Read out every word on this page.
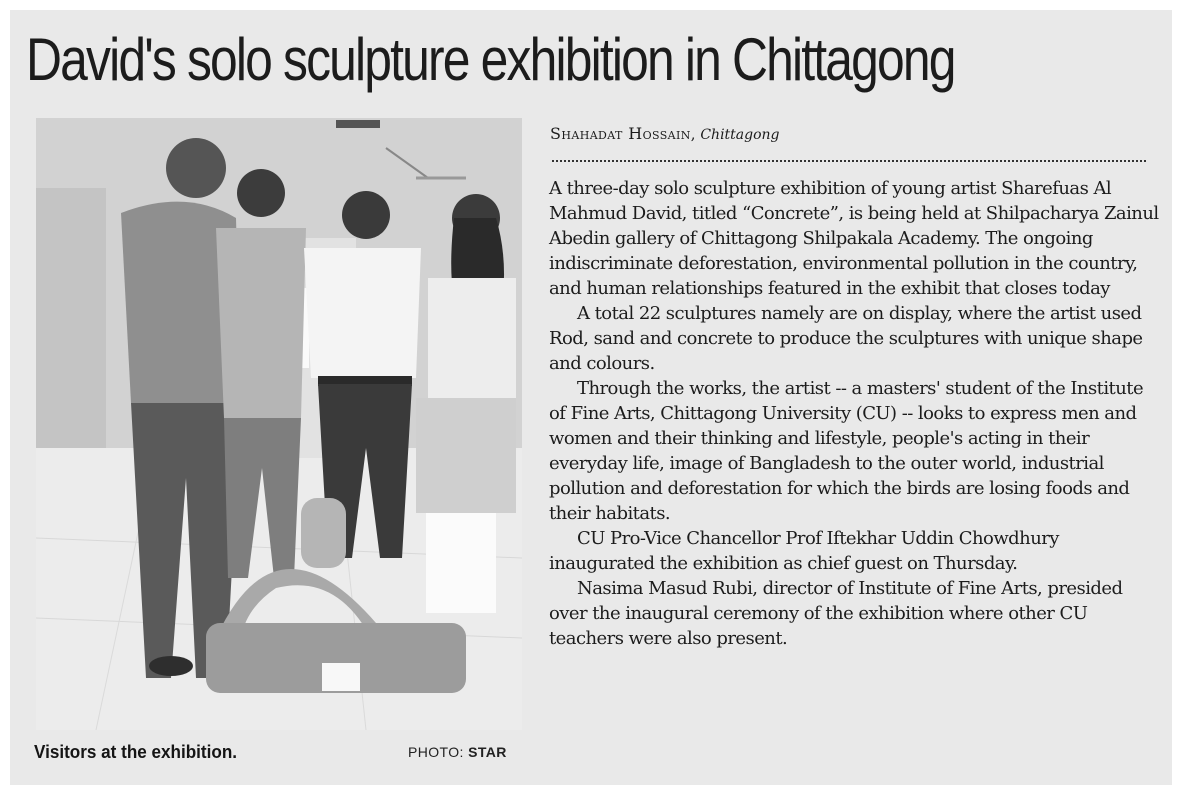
David's solo sculpture exhibition in Chittagong
Visitors at the exhibition.	PHOTO: STAR
Shahadat Hossain, Chittagong

A three-day solo sculpture exhibition of young artist Sharefuas Al Mahmud David, titled “Concrete”, is being held at Shilpacharya Zainul Abedin gallery of Chittagong Shilpakala Academy. The ongoing indiscriminate deforestation, environmental pollution in the country, and human relationships featured in the exhibit that closes today

A total 22 sculptures namely are on display, where the artist used Rod, sand and concrete to produce the sculptures with unique shape and colours.

Through the works, the artist -- a masters' student of the Institute of Fine Arts, Chittagong University (CU) -- looks to express men and women and their thinking and lifestyle, people's acting in their everyday life, image of Bangladesh to the outer world, industrial pollution and deforestation for which the birds are losing foods and their habitats.

CU Pro-Vice Chancellor Prof Iftekhar Uddin Chowdhury inaugurated the exhibition as chief guest on Thursday.

Nasima Masud Rubi, director of Institute of Fine Arts, presided over the inaugural ceremony of the exhibition where other CU teachers were also present.
